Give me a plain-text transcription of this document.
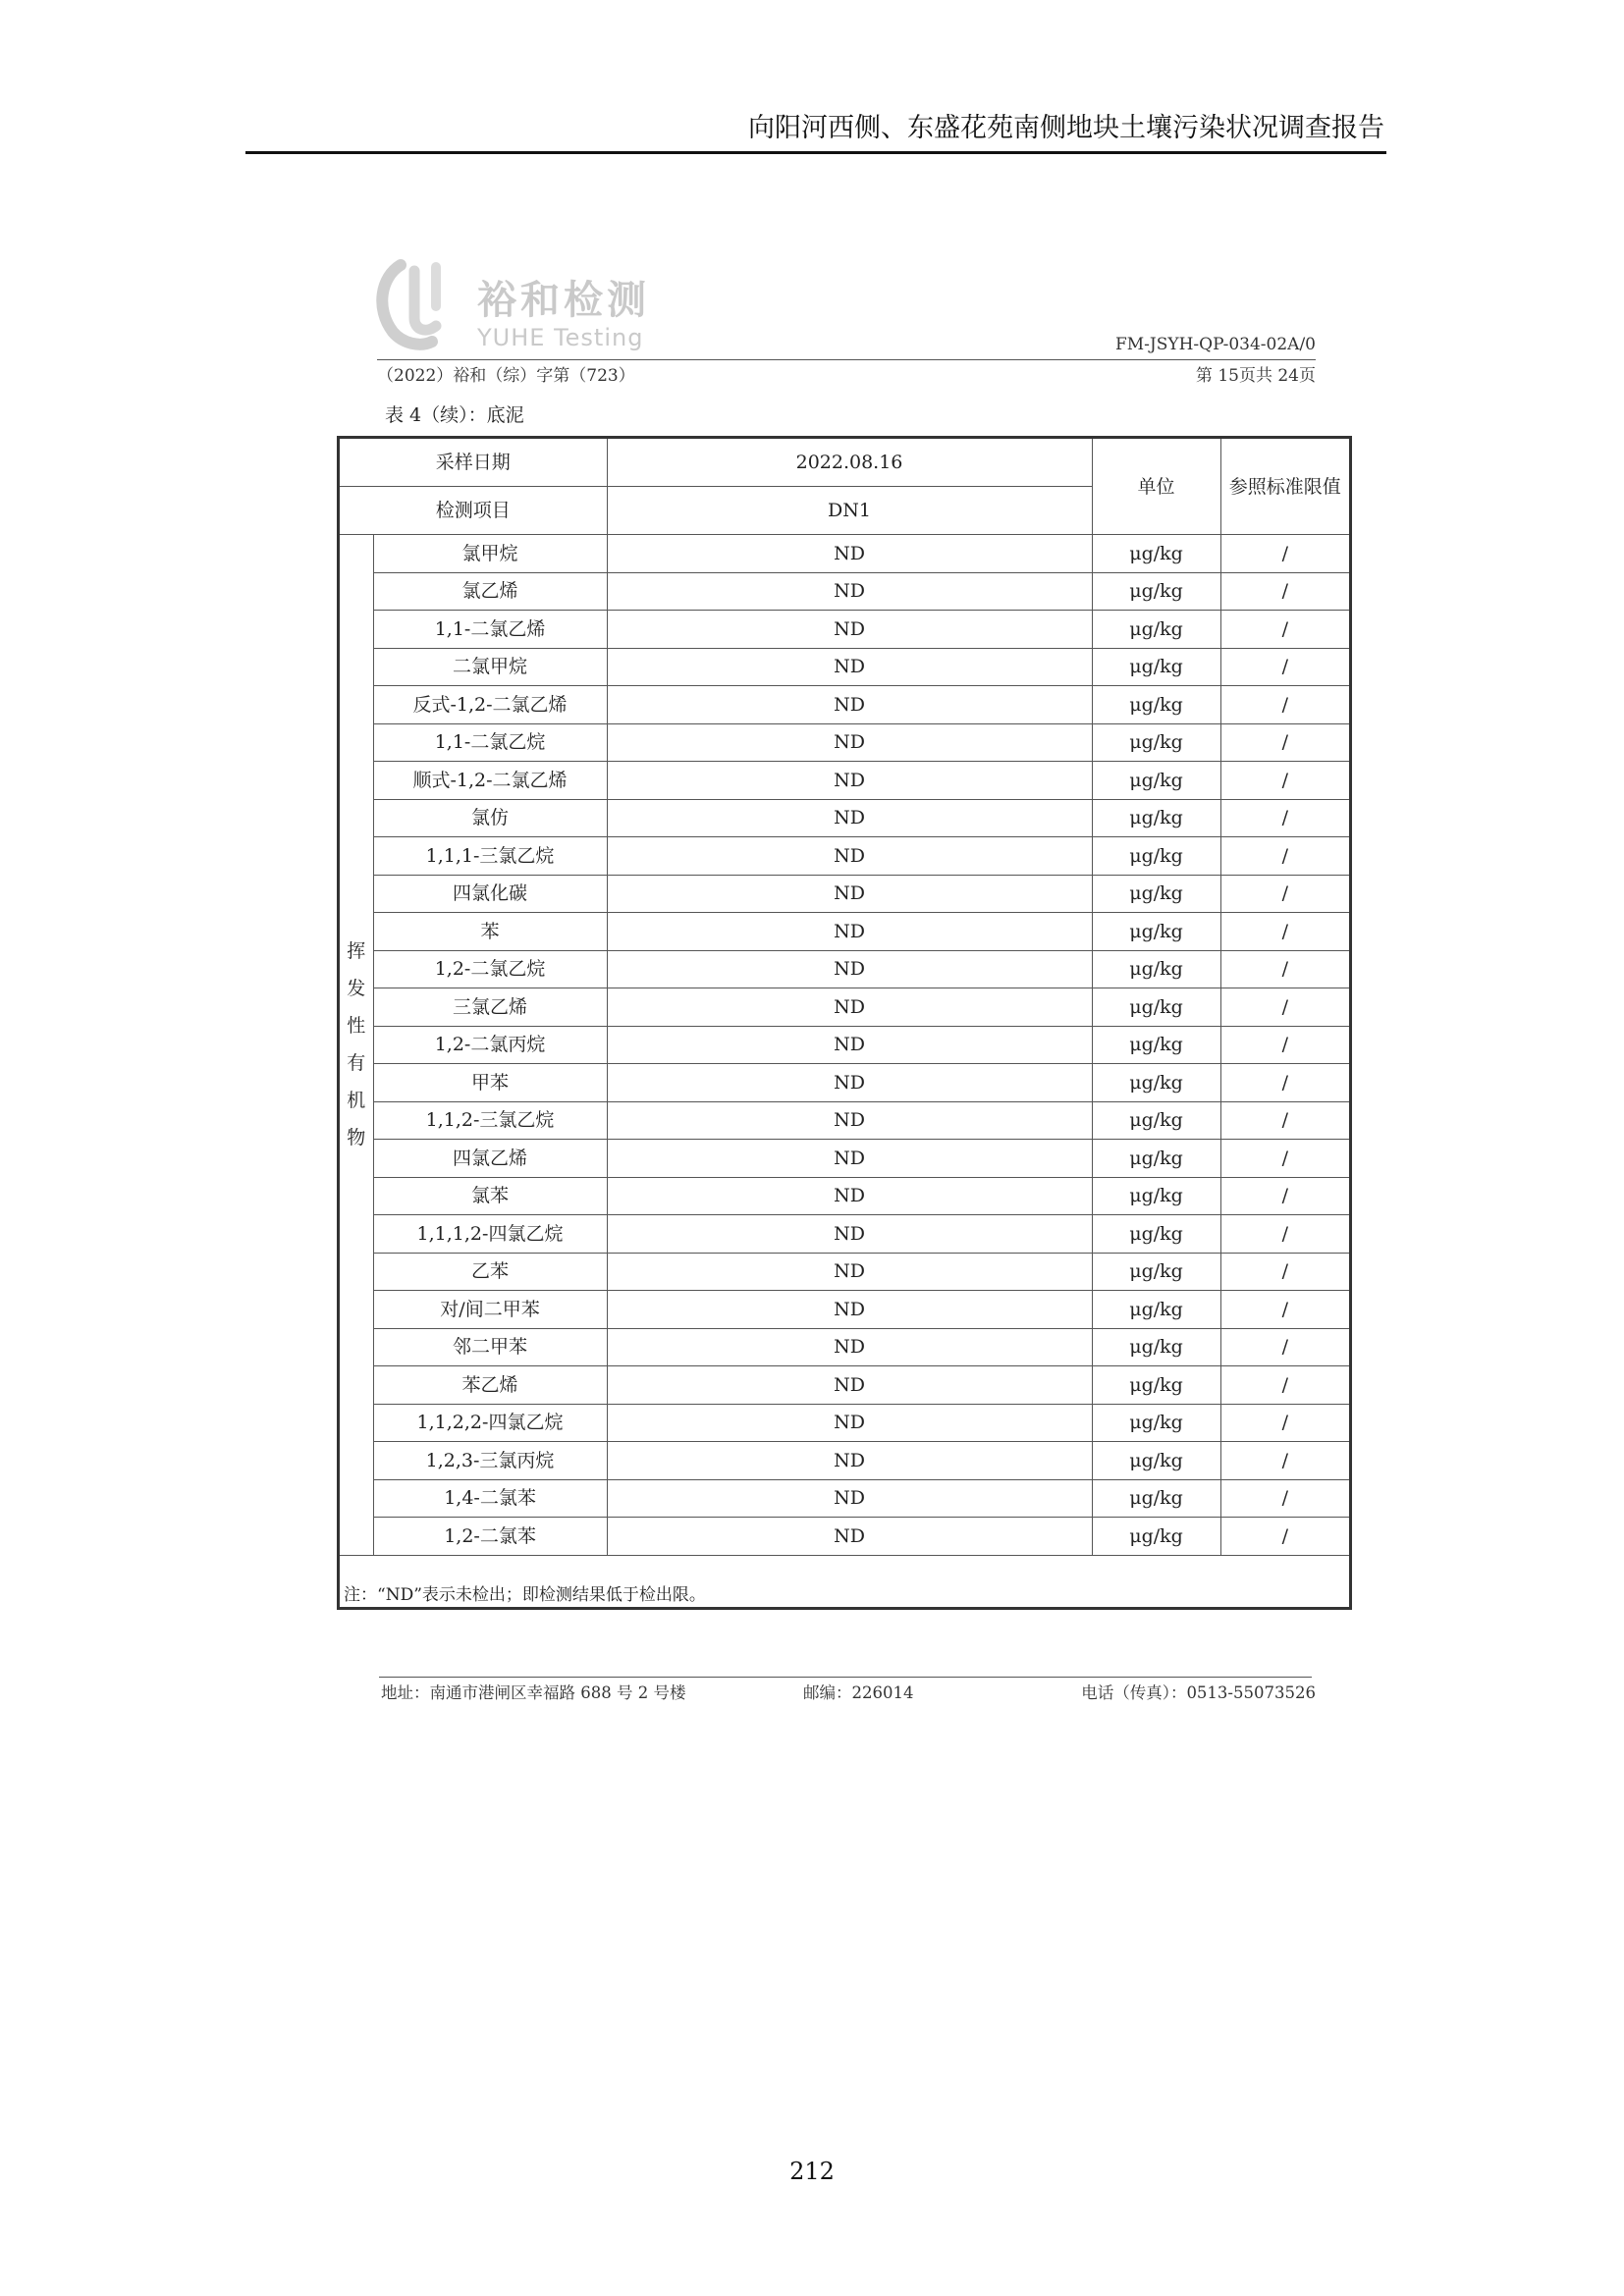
向阳河西侧、东盛花苑南侧地块土壤污染状况调查报告
裕和检测
YUHE Testing	FM-JSYH-QP-034-02A/0
（2022）裕和（综）字第（723）	第 15页共 24页
表 4（续）：底泥
采样日期		2022.08.16	单位	参照标准限值
检测项目		DN1		
挥发性有机物	氯甲烷	ND	μg/kg	/
	氯乙烯	ND	μg/kg	/
	1,1-二氯乙烯	ND	μg/kg	/
	二氯甲烷	ND	μg/kg	/
	反式-1,2-二氯乙烯	ND	μg/kg	/
	1,1-二氯乙烷	ND	μg/kg	/
	顺式-1,2-二氯乙烯	ND	μg/kg	/
	氯仿	ND	μg/kg	/
	1,1,1-三氯乙烷	ND	μg/kg	/
	四氯化碳	ND	μg/kg	/
	苯	ND	μg/kg	/
	1,2-二氯乙烷	ND	μg/kg	/
	三氯乙烯	ND	μg/kg	/
	1,2-二氯丙烷	ND	μg/kg	/
	甲苯	ND	μg/kg	/
	1,1,2-三氯乙烷	ND	μg/kg	/
	四氯乙烯	ND	μg/kg	/
	氯苯	ND	μg/kg	/
	1,1,1,2-四氯乙烷	ND	μg/kg	/
	乙苯	ND	μg/kg	/
	对/间二甲苯	ND	μg/kg	/
	邻二甲苯	ND	μg/kg	/
	苯乙烯	ND	μg/kg	/
	1,1,2,2-四氯乙烷	ND	μg/kg	/
	1,2,3-三氯丙烷	ND	μg/kg	/
	1,4-二氯苯	ND	μg/kg	/
	1,2-二氯苯	ND	μg/kg	/
注：“ND”表示未检出；即检测结果低于检出限。
地址：南通市港闸区幸福路 688 号 2 号楼	邮编：226014	电话（传真）：0513-55073526
212
